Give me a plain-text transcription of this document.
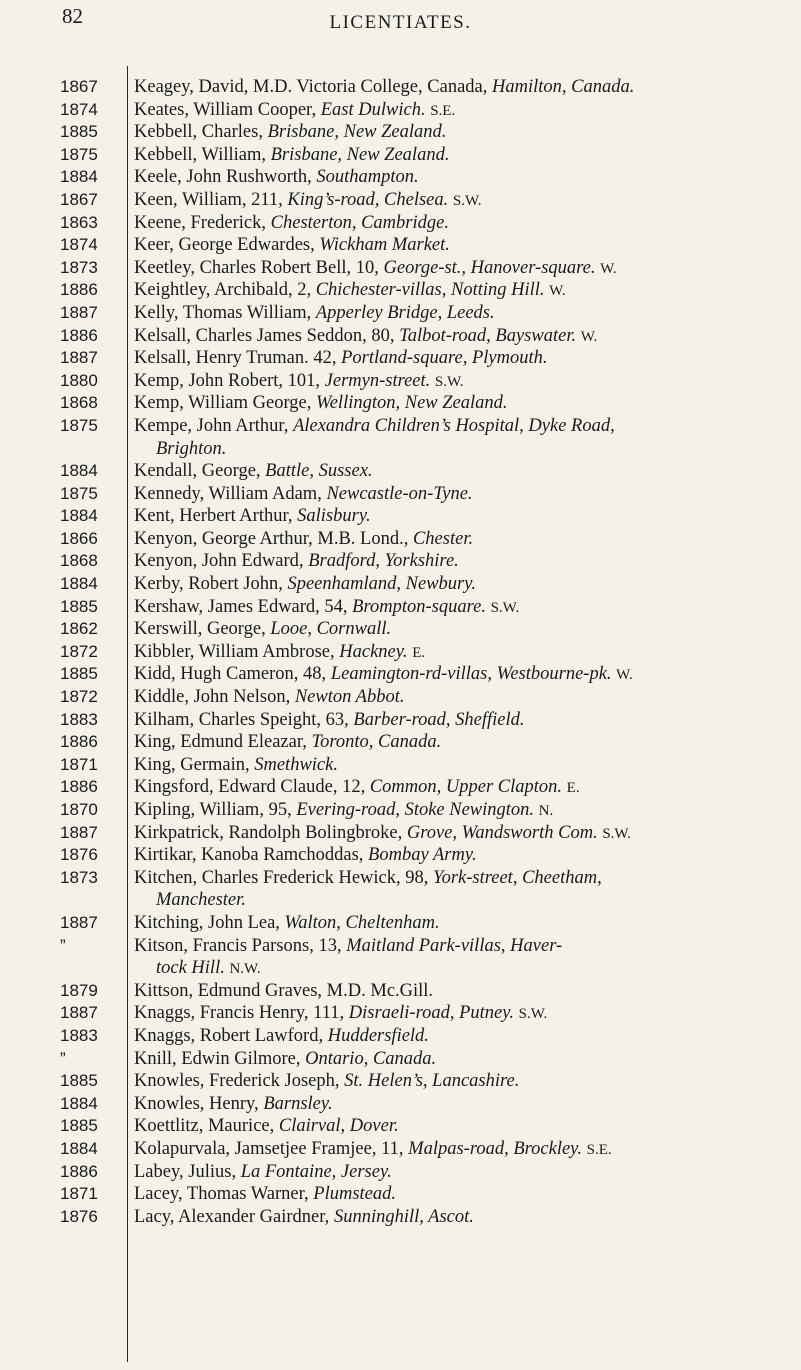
82	LICENTIATES.
1867
1874
1885
1875
1884
1867
1863
1874
1873
1886
1887
1886
1887
1880
1868
1875
1884
1875
1884
1866
1868
1884
1885
1862
1872
1885
1872
1883
1886
1871
1886
1870
1887
1876
1873
1887
”
1879
1887
1883
”
1885
1884
1885
1884
1886
1871
1876
Keagey, David, M.D. Victoria College, Canada, Hamilton, Canada.
Keates, William Cooper, East Dulwich. S.E.
Kebbell, Charles, Brisbane, New Zealand.
Kebbell, William, Brisbane, New Zealand.
Keele, John Rushworth, Southampton.
Keen, William, 211, King’s-road, Chelsea. S.W.
Keene, Frederick, Chesterton, Cambridge.
Keer, George Edwardes, Wickham Market.
Keetley, Charles Robert Bell, 10, George-st., Hanover-square. W.
Keightley, Archibald, 2, Chichester-villas, Notting Hill. W.
Kelly, Thomas William, Apperley Bridge, Leeds.
Kelsall, Charles James Seddon, 80, Talbot-road, Bayswater. W.
Kelsall, Henry Truman. 42, Portland-square, Plymouth.
Kemp, John Robert, 101, Jermyn-street. S.W.
Kemp, William George, Wellington, New Zealand.
Kempe, John Arthur, Alexandra Children’s Hospital, Dyke Road,
Brighton.
Kendall, George, Battle, Sussex.
Kennedy, William Adam, Newcastle-on-Tyne.
Kent, Herbert Arthur, Salisbury.
Kenyon, George Arthur, M.B. Lond., Chester.
Kenyon, John Edward, Bradford, Yorkshire.
Kerby, Robert John, Speenhamland, Newbury.
Kershaw, James Edward, 54, Brompton-square. S.W.
Kerswill, George, Looe, Cornwall.
Kibbler, William Ambrose, Hackney. E.
Kidd, Hugh Cameron, 48, Leamington-rd-villas, Westbourne-pk. W.
Kiddle, John Nelson, Newton Abbot.
Kilham, Charles Speight, 63, Barber-road, Sheffield.
King, Edmund Eleazar, Toronto, Canada.
King, Germain, Smethwick.
Kingsford, Edward Claude, 12, Common, Upper Clapton. E.
Kipling, William, 95, Evering-road, Stoke Newington. N.
Kirkpatrick, Randolph Bolingbroke, Grove, Wandsworth Com. S.W.
Kirtikar, Kanoba Ramchoddas, Bombay Army.
Kitchen, Charles Frederick Hewick, 98, York-street, Cheetham,
Manchester.
Kitching, John Lea, Walton, Cheltenham.
Kitson, Francis Parsons, 13, Maitland Park-villas, Haver-
tock Hill. N.W.
Kittson, Edmund Graves, M.D. Mc.Gill.
Knaggs, Francis Henry, 111, Disraeli-road, Putney. S.W.
Knaggs, Robert Lawford, Huddersfield.
Knill, Edwin Gilmore, Ontario, Canada.
Knowles, Frederick Joseph, St. Helen’s, Lancashire.
Knowles, Henry, Barnsley.
Koettlitz, Maurice, Clairval, Dover.
Kolapurvala, Jamsetjee Framjee, 11, Malpas-road, Brockley. S.E.
Labey, Julius, La Fontaine, Jersey.
Lacey, Thomas Warner, Plumstead.
Lacy, Alexander Gairdner, Sunninghill, Ascot.
